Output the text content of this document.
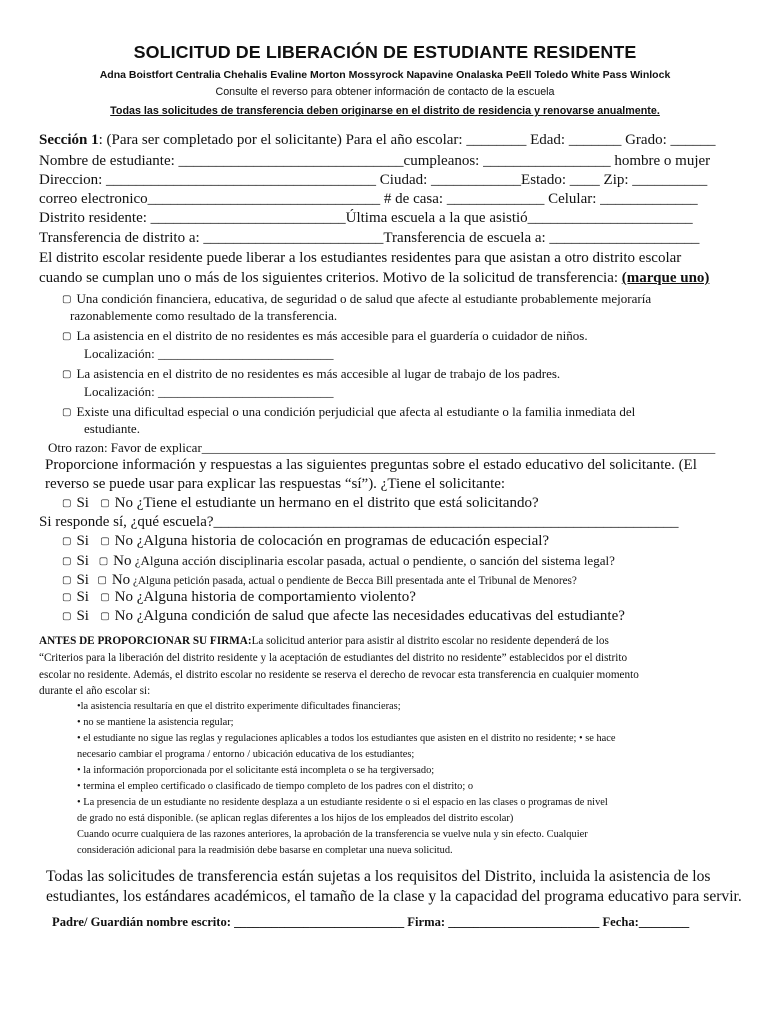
SOLICITUD DE LIBERACIÓN DE ESTUDIANTE RESIDENTE
Adna Boistfort Centralia Chehalis Evaline Morton Mossyrock Napavine Onalaska PeEll Toledo White Pass Winlock
Consulte el reverso para obtener información de contacto de la escuela
Todas las solicitudes de transferencia deben originarse en el distrito de residencia y renovarse anualmente.
Sección 1: (Para ser completado por el solicitante) Para el año escolar: ________ Edad: _______ Grado: ______
Nombre de estudiante: ______________________________cumpleanos: _________________ hombre o mujer
Direccion: ____________________________________ Ciudad: ____________Estado: ____ Zip: __________
correo electronico_______________________________ # de casa: _____________ Celular: _____________
Distrito residente: __________________________Última escuela a la que asistió______________________
Transferencia de distrito a: ________________________Transferencia de escuela a: ____________________
El distrito escolar residente puede liberar a los estudiantes residentes para que asistan a otro distrito escolar
cuando se cumplan uno o más de los siguientes criterios. Motivo de la solicitud de transferencia: (marque uno)
▢ Una condición financiera, educativa, de seguridad o de salud que afecte al estudiante probablemente mejoraría
razonablemente como resultado de la transferencia.
▢ La asistencia en el distrito de no residentes es más accesible para el guardería o cuidador de niños.
Localización: ___________________________
▢ La asistencia en el distrito de no residentes es más accesible al lugar de trabajo de los padres.
Localización: ___________________________
▢ Existe una dificultad especial o una condición perjudicial que afecta al estudiante o la familia inmediata del
estudiante.
Otro razon: Favor de explicar_______________________________________________________________________________
Proporcione información y respuestas a las siguientes preguntas sobre el estado educativo del solicitante. (El
reverso se puede usar para explicar las respuestas “sí”). ¿Tiene el solicitante:
▢ Si ▢ No ¿Tiene el estudiante un hermano en el distrito que está solicitando?
Si responde sí, ¿qué escuela?______________________________________________________________
▢ Si ▢ No ¿Alguna historia de colocación en programas de educación especial?
▢ Si ▢ No ¿Alguna acción disciplinaria escolar pasada, actual o pendiente, o sanción del sistema legal?
▢ Si ▢ No ¿Alguna petición pasada, actual o pendiente de Becca Bill presentada ante el Tribunal de Menores?
▢ Si ▢ No ¿Alguna historia de comportamiento violento?
▢ Si ▢ No ¿Alguna condición de salud que afecte las necesidades educativas del estudiante?
ANTES DE PROPORCIONAR SU FIRMA:La solicitud anterior para asistir al distrito escolar no residente dependerá de los
“Criterios para la liberación del distrito residente y la aceptación de estudiantes del distrito no residente” establecidos por el distrito
escolar no residente. Además, el distrito escolar no residente se reserva el derecho de revocar esta transferencia en cualquier momento
durante el año escolar si:
•la asistencia resultaría en que el distrito experimente dificultades financieras;
• no se mantiene la asistencia regular;
• el estudiante no sigue las reglas y regulaciones aplicables a todos los estudiantes que asisten en el distrito no residente; • se hace
necesario cambiar el programa / entorno / ubicación educativa de los estudiantes;
• la información proporcionada por el solicitante está incompleta o se ha tergiversado;
• termina el empleo certificado o clasificado de tiempo completo de los padres con el distrito; o
• La presencia de un estudiante no residente desplaza a un estudiante residente o si el espacio en las clases o programas de nivel
de grado no está disponible. (se aplican reglas diferentes a los hijos de los empleados del distrito escolar)
Cuando ocurre cualquiera de las razones anteriores, la aprobación de la transferencia se vuelve nula y sin efecto. Cualquier
consideración adicional para la readmisión debe basarse en completar una nueva solicitud.
Todas las solicitudes de transferencia están sujetas a los requisitos del Distrito, incluida la asistencia de los
estudiantes, los estándares académicos, el tamaño de la clase y la capacidad del programa educativo para servir.
Padre/ Guardián nombre escrito: ___________________________ Firma: ________________________ Fecha:________
